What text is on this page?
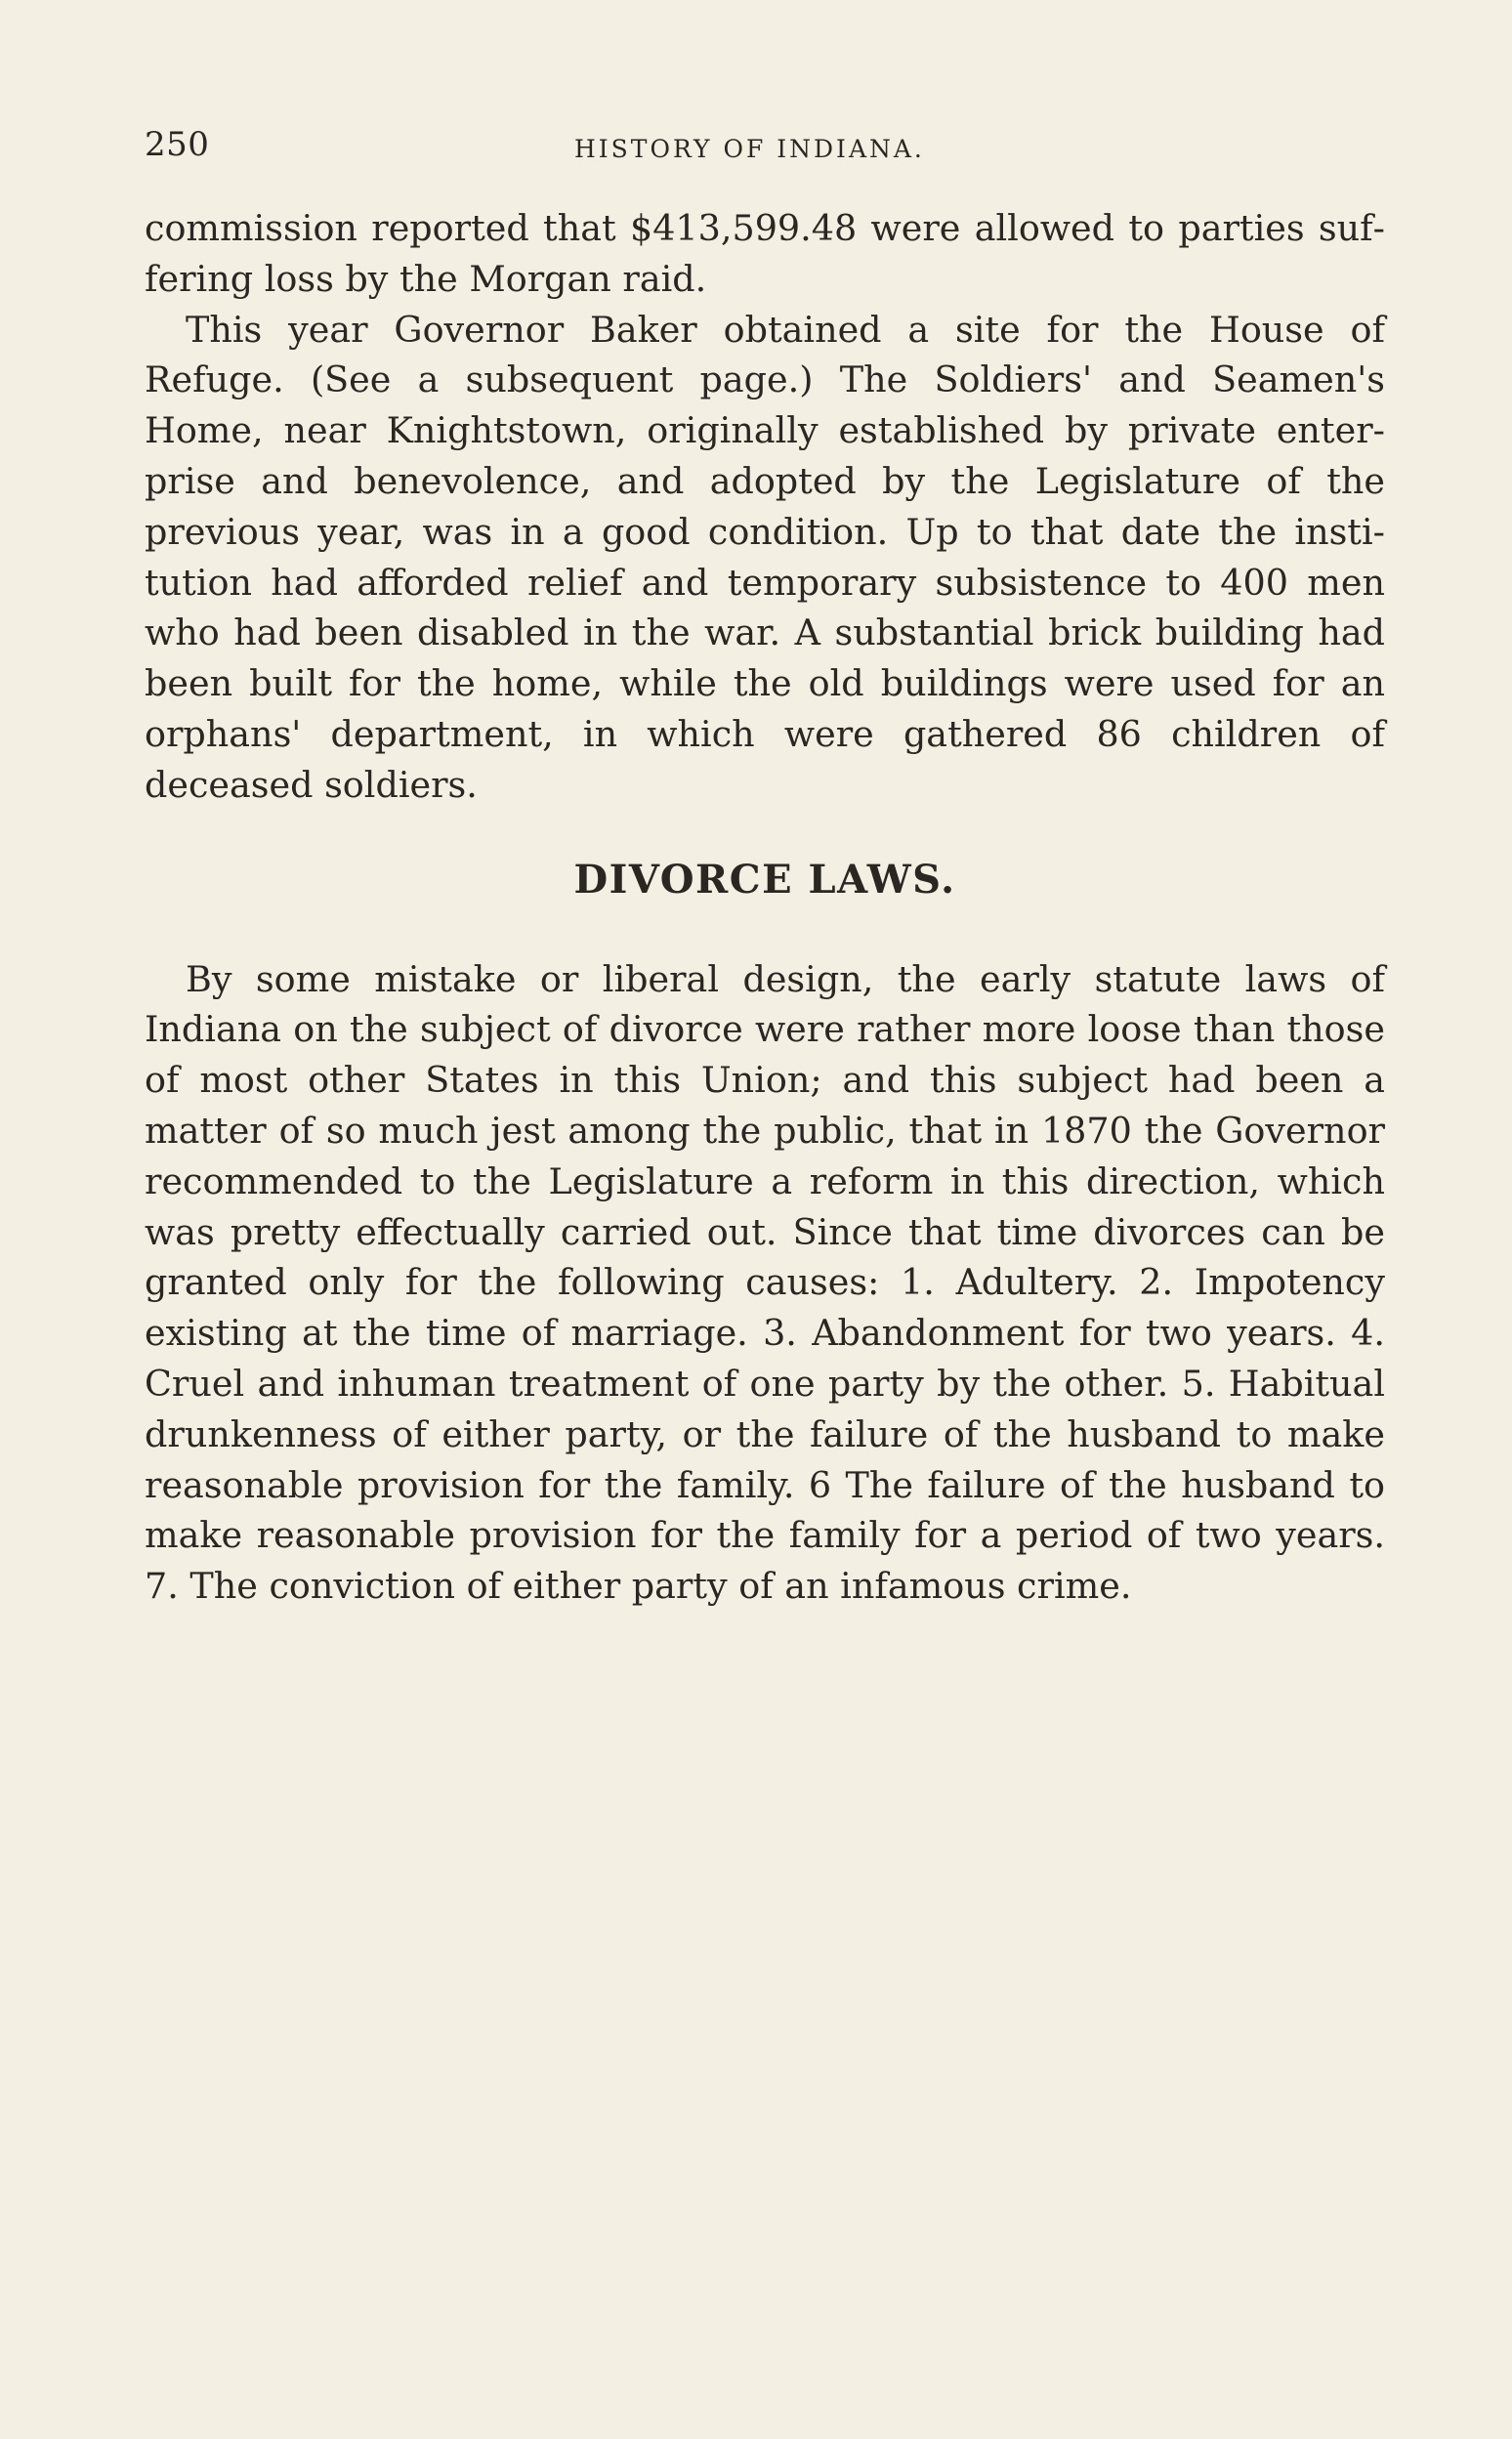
250	HISTORY OF INDIANA.

commission reported that $413,599.48 were allowed to parties suffering loss by the Morgan raid.

This year Governor Baker obtained a site for the House of Refuge. (See a subsequent page.) The Soldiers' and Seamen's Home, near Knightstown, originally established by private enterprise and benevolence, and adopted by the Legislature of the previous year, was in a good condition. Up to that date the institution had afforded relief and temporary subsistence to 400 men who had been disabled in the war. A substantial brick building had been built for the home, while the old buildings were used for an orphans' department, in which were gathered 86 children of deceased soldiers.

DIVORCE LAWS.

By some mistake or liberal design, the early statute laws of Indiana on the subject of divorce were rather more loose than those of most other States in this Union; and this subject had been a matter of so much jest among the public, that in 1870 the Governor recommended to the Legislature a reform in this direction, which was pretty effectually carried out. Since that time divorces can be granted only for the following causes: 1. Adultery. 2. Impotency existing at the time of marriage. 3. Abandonment for two years. 4. Cruel and inhuman treatment of one party by the other. 5. Habitual drunkenness of either party, or the failure of the husband to make reasonable provision for the family. 6 The failure of the husband to make reasonable provision for the family for a period of two years. 7. The conviction of either party of an infamous crime.
